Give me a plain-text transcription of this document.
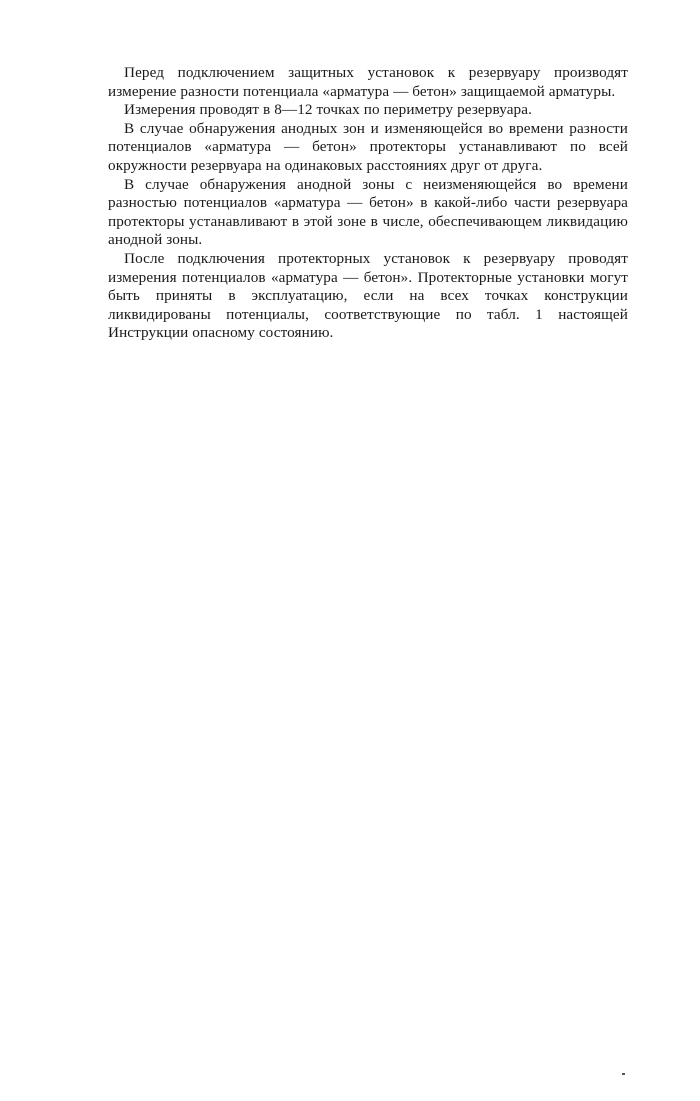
Перед подключением защитных установок к резервуару производят измерение разности потенциала «арматура — бетон» защищаемой арматуры.

Измерения проводят в 8—12 точках по периметру резервуара.

В случае обнаружения анодных зон и изменяющейся во времени разности потенциалов «арматура — бетон» протекторы устанавливают по всей окружности резервуара на одинаковых расстояниях друг от друга.

В случае обнаружения анодной зоны с неизменяющейся во времени разностью потенциалов «арматура — бетон» в какой-либо части резервуара протекторы устанавливают в этой зоне в числе, обеспечивающем ликвидацию анодной зоны.

После подключения протекторных установок к резервуару проводят измерения потенциалов «арматура — бетон». Протекторные установки могут быть приняты в эксплуатацию, если на всех точках конструкции ликвидированы потенциалы, соответствующие по табл. 1 настоящей Инструкции опасному состоянию.
